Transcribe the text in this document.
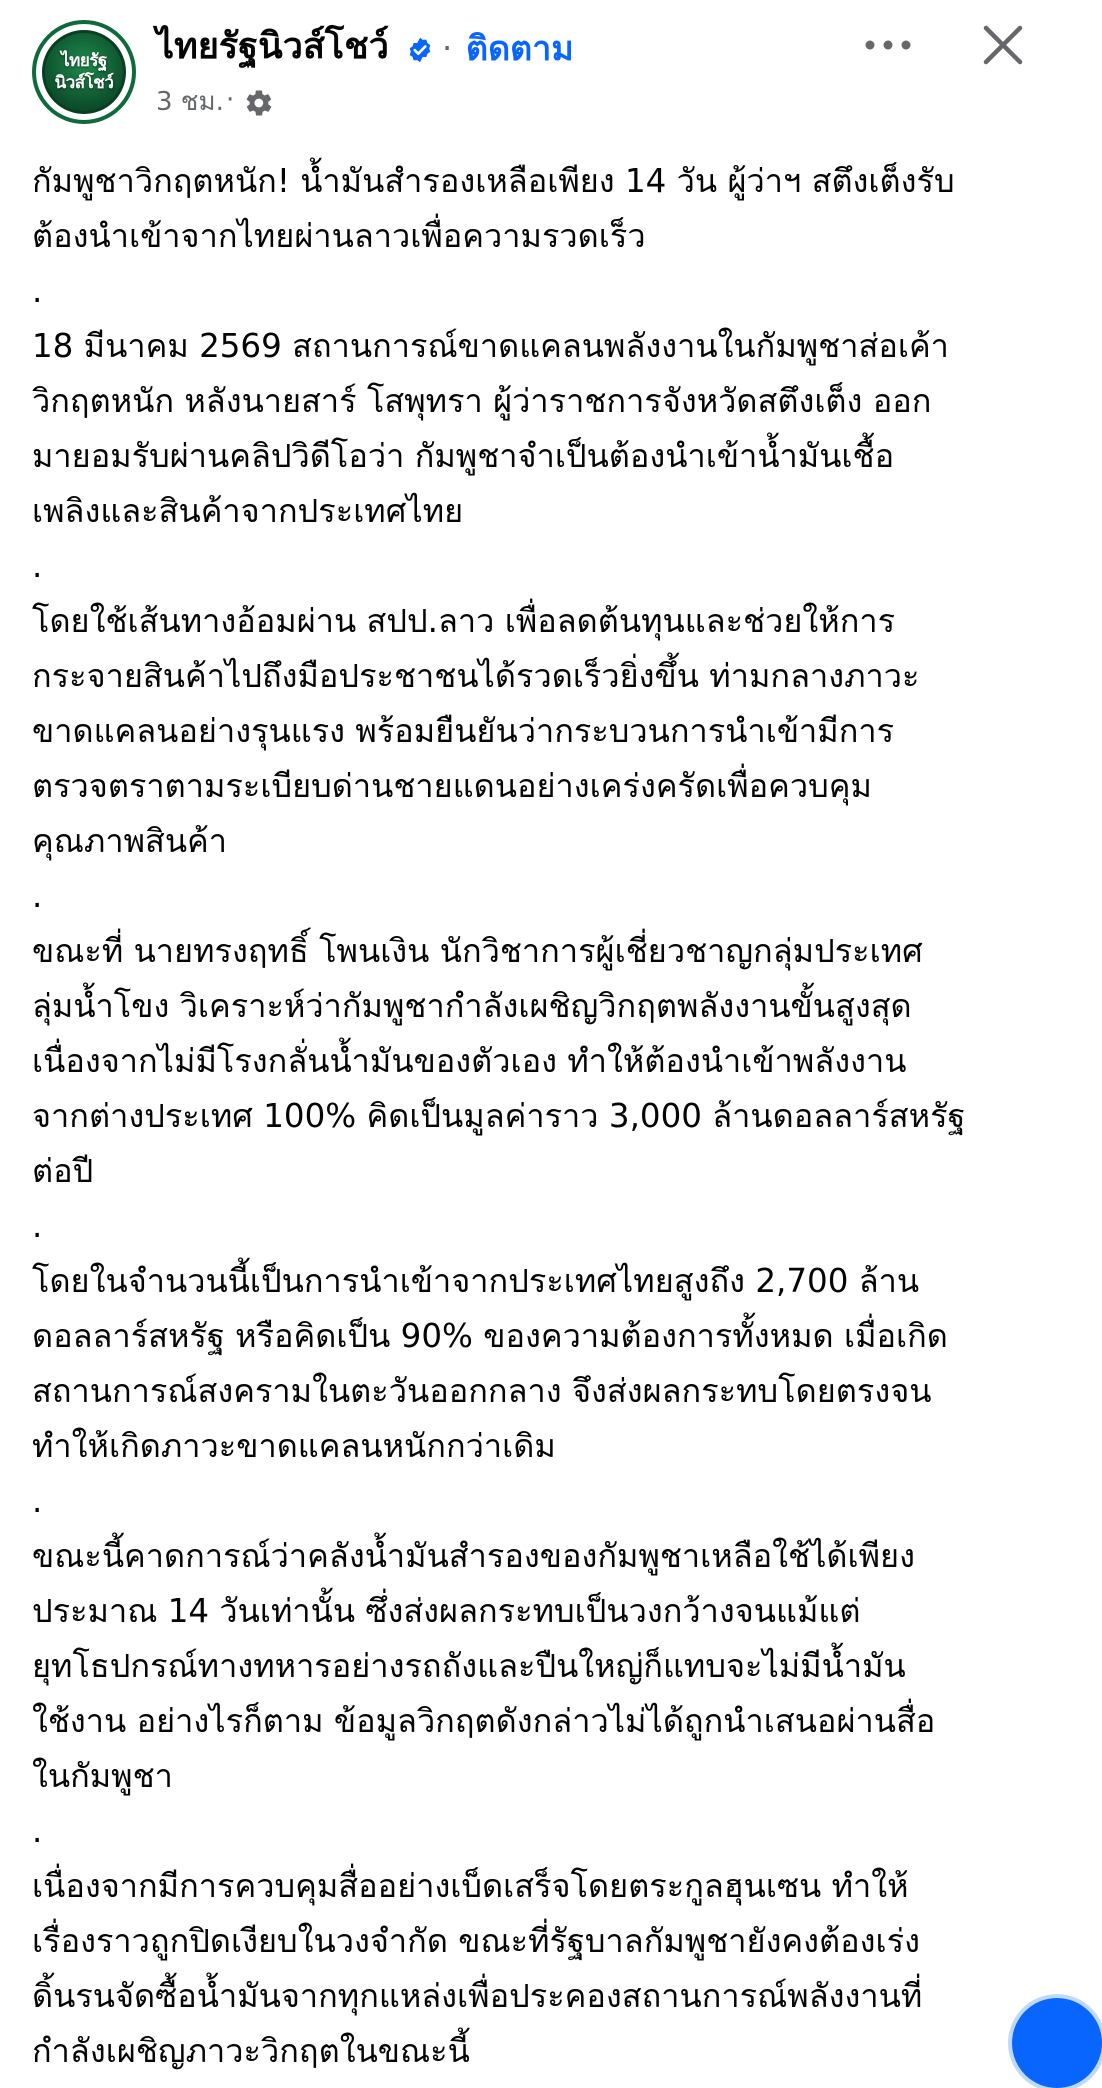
ไทยรัฐ
นิวส์โชว์
ไทยรัฐนิวส์โชว์ · ติดตาม
3 ชม. ·
กัมพูชาวิกฤตหนัก! น้ำมันสำรองเหลือเพียง 14 วัน ผู้ว่าฯ สตึงเต็งรับ
ต้องนำเข้าจากไทยผ่านลาวเพื่อความรวดเร็ว
.
18 มีนาคม 2569 สถานการณ์ขาดแคลนพลังงานในกัมพูชาส่อเค้า
วิกฤตหนัก หลังนายสาร์ โสพุทรา ผู้ว่าราชการจังหวัดสตึงเต็ง ออก
มายอมรับผ่านคลิปวิดีโอว่า กัมพูชาจำเป็นต้องนำเข้าน้ำมันเชื้อ
เพลิงและสินค้าจากประเทศไทย
.
โดยใช้เส้นทางอ้อมผ่าน สปป.ลาว เพื่อลดต้นทุนและช่วยให้การ
กระจายสินค้าไปถึงมือประชาชนได้รวดเร็วยิ่งขึ้น ท่ามกลางภาวะ
ขาดแคลนอย่างรุนแรง พร้อมยืนยันว่ากระบวนการนำเข้ามีการ
ตรวจตราตามระเบียบด่านชายแดนอย่างเคร่งครัดเพื่อควบคุม
คุณภาพสินค้า
.
ขณะที่ นายทรงฤทธิ์ โพนเงิน นักวิชาการผู้เชี่ยวชาญกลุ่มประเทศ
ลุ่มน้ำโขง วิเคราะห์ว่ากัมพูชากำลังเผชิญวิกฤตพลังงานขั้นสูงสุด
เนื่องจากไม่มีโรงกลั่นน้ำมันของตัวเอง ทำให้ต้องนำเข้าพลังงาน
จากต่างประเทศ 100% คิดเป็นมูลค่าราว 3,000 ล้านดอลลาร์สหรัฐ
ต่อปี
.
โดยในจำนวนนี้เป็นการนำเข้าจากประเทศไทยสูงถึง 2,700 ล้าน
ดอลลาร์สหรัฐ หรือคิดเป็น 90% ของความต้องการทั้งหมด เมื่อเกิด
สถานการณ์สงครามในตะวันออกกลาง จึงส่งผลกระทบโดยตรงจน
ทำให้เกิดภาวะขาดแคลนหนักกว่าเดิม
.
ขณะนี้คาดการณ์ว่าคลังน้ำมันสำรองของกัมพูชาเหลือใช้ได้เพียง
ประมาณ 14 วันเท่านั้น ซึ่งส่งผลกระทบเป็นวงกว้างจนแม้แต่
ยุทโธปกรณ์ทางทหารอย่างรถถังและปืนใหญ่ก็แทบจะไม่มีน้ำมัน
ใช้งาน อย่างไรก็ตาม ข้อมูลวิกฤตดังกล่าวไม่ได้ถูกนำเสนอผ่านสื่อ
ในกัมพูชา
.
เนื่องจากมีการควบคุมสื่ออย่างเบ็ดเสร็จโดยตระกูลฮุนเซน ทำให้
เรื่องราวถูกปิดเงียบในวงจำกัด ขณะที่รัฐบาลกัมพูชายังคงต้องเร่ง
ดิ้นรนจัดซื้อน้ำมันจากทุกแหล่งเพื่อประคองสถานการณ์พลังงานที่
กำลังเผชิญภาวะวิกฤตในขณะนี้
